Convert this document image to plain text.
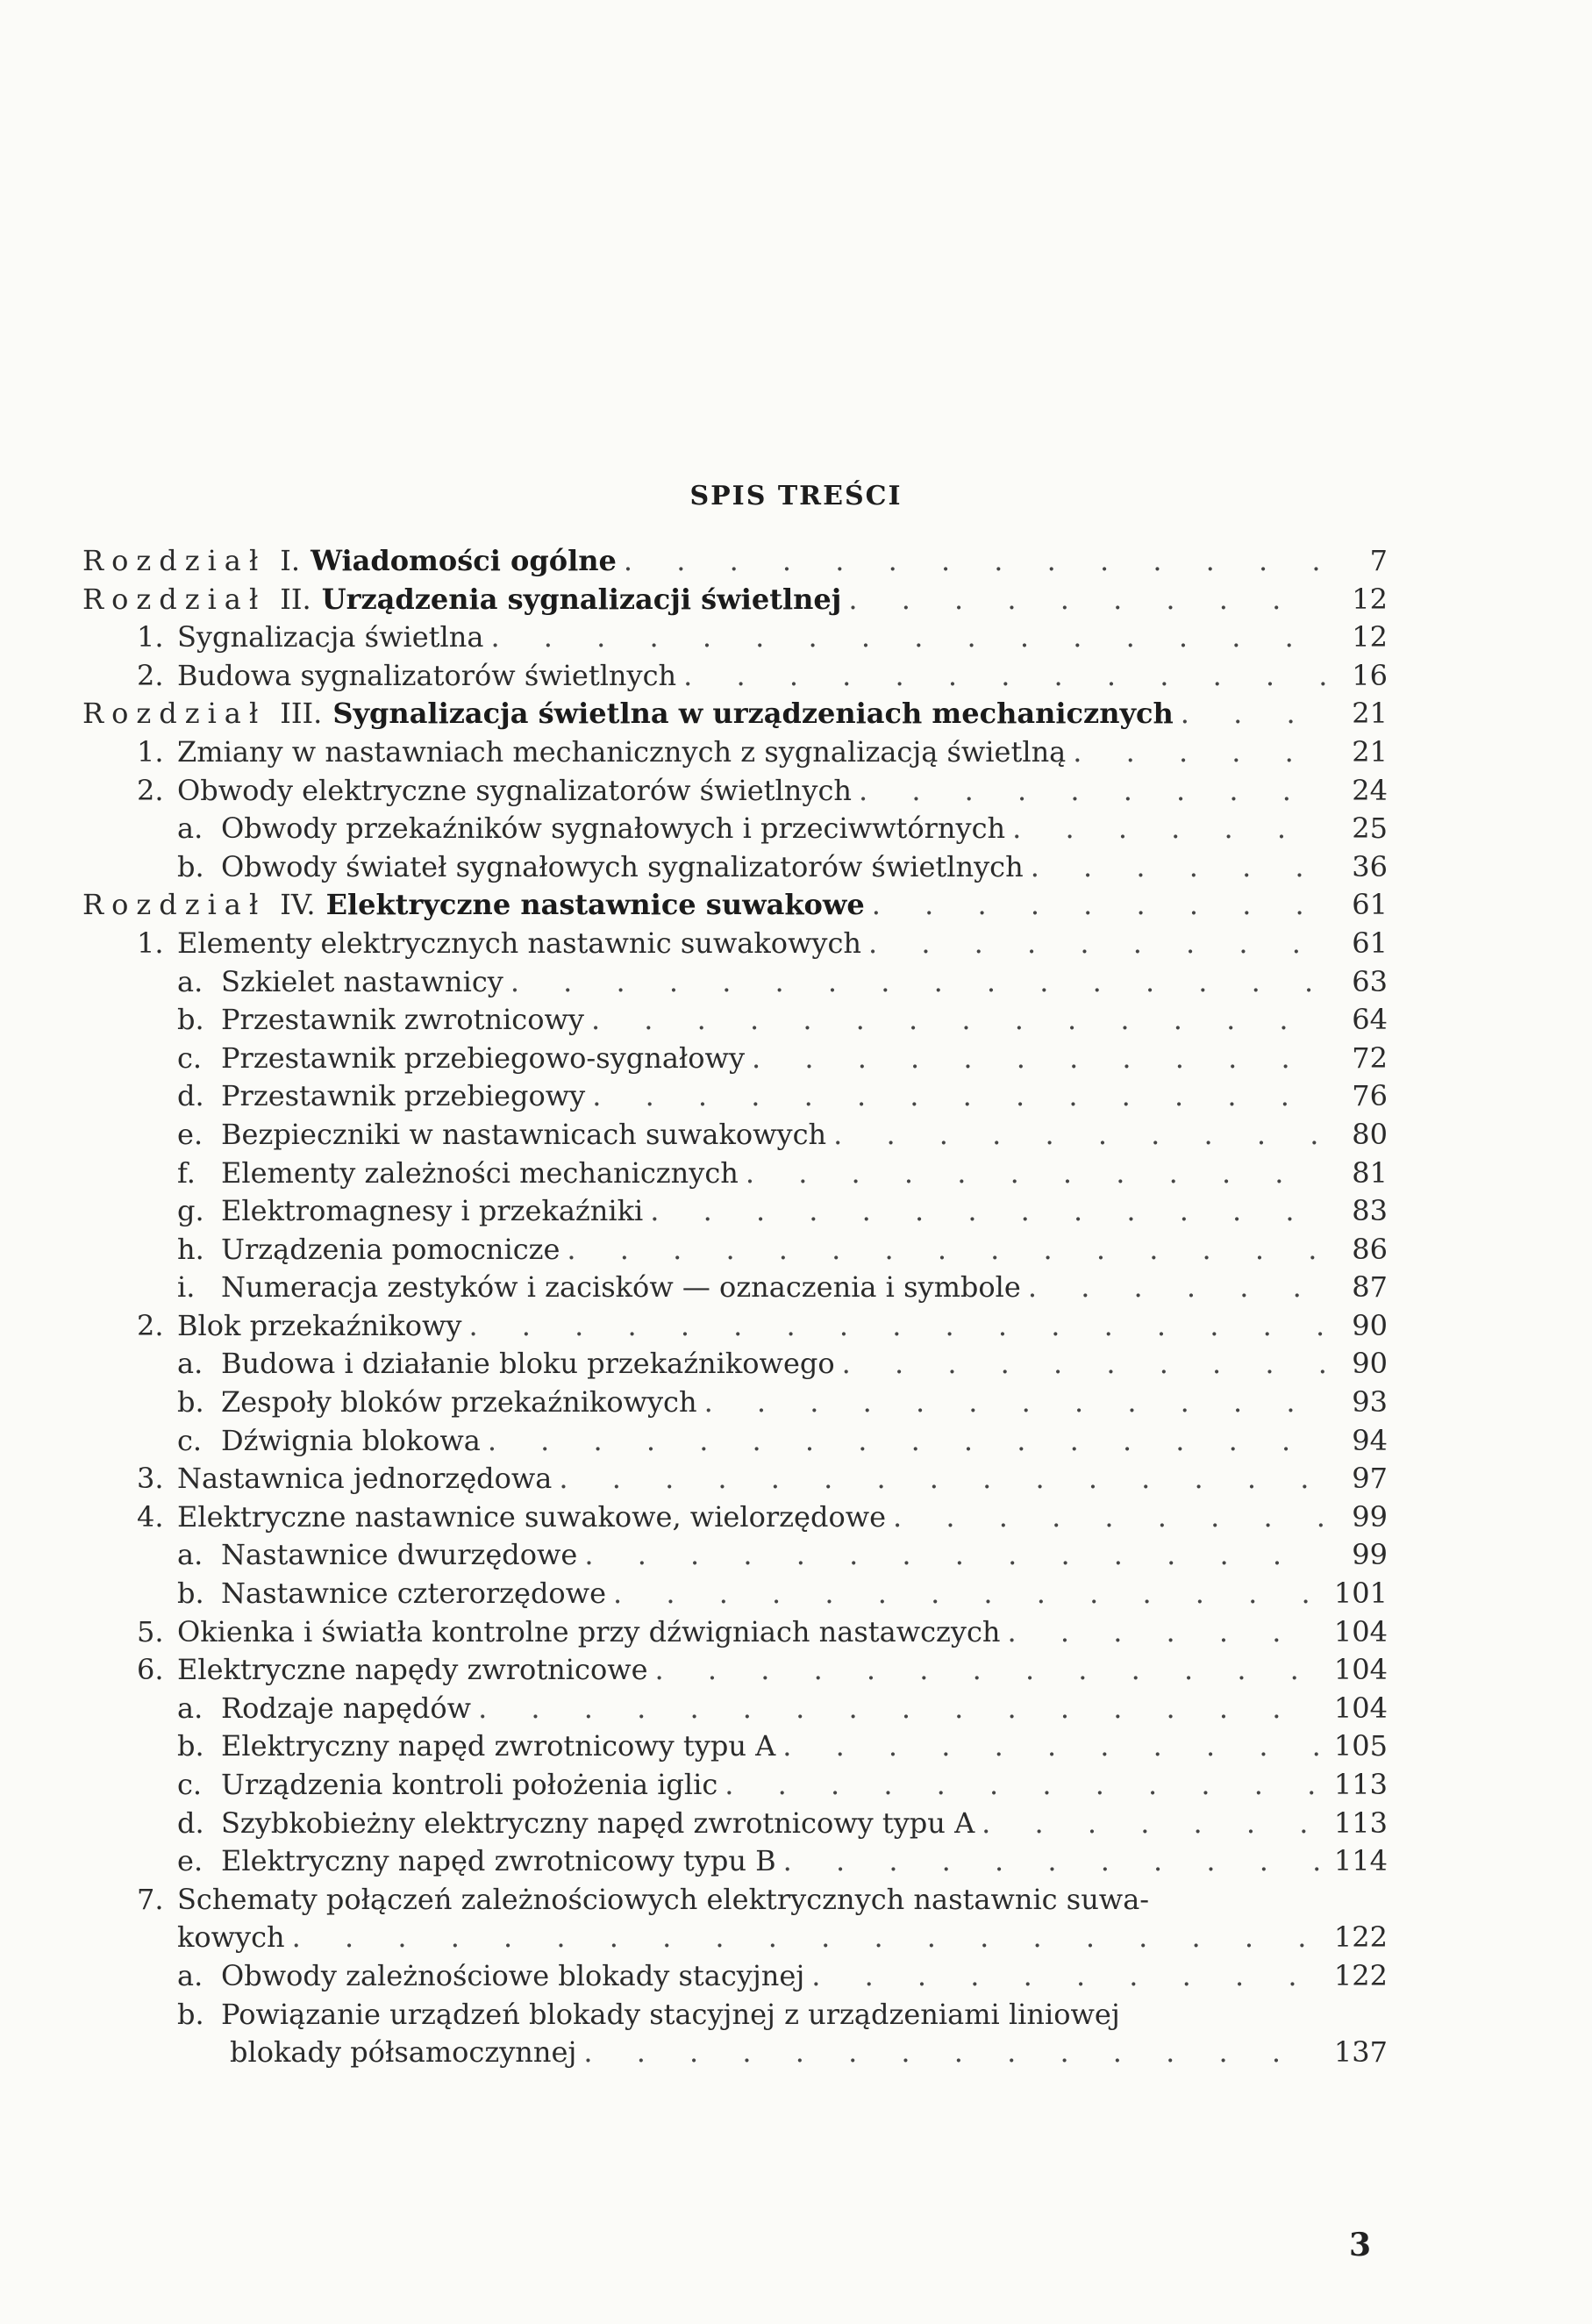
SPIS TREŚCI
Rozdział I. Wiadomości ogólne . . .	7
Rozdział II. Urządzenia sygnalizacji świetlnej . . .	12
1. Sygnalizacja świetlna . . .	12
2. Budowa sygnalizatorów świetlnych . . .	16
Rozdział III. Sygnalizacja świetlna w urządzeniach mechanicznych . . .	21
1. Zmiany w nastawniach mechanicznych z sygnalizacją świetlną . . .	21
2. Obwody elektryczne sygnalizatorów świetlnych . . .	24
a. Obwody przekaźników sygnałowych i przeciwwtórnych . . .	25
b. Obwody świateł sygnałowych sygnalizatorów świetlnych . . .	36
Rozdział IV. Elektryczne nastawnice suwakowe . . .	61
1. Elementy elektrycznych nastawnic suwakowych . . .	61
a. Szkielet nastawnicy . . .	63
b. Przestawnik zwrotnicowy . . .	64
c. Przestawnik przebiegowo-sygnałowy . . .	72
d. Przestawnik przebiegowy . . .	76
e. Bezpieczniki w nastawnicach suwakowych . . .	80
f. Elementy zależności mechanicznych . . .	81
g. Elektromagnesy i przekaźniki . . .	83
h. Urządzenia pomocnicze . . .	86
i. Numeracja zestyków i zacisków — oznaczenia i symbole . . .	87
2. Blok przekaźnikowy . . .	90
a. Budowa i działanie bloku przekaźnikowego . . .	90
b. Zespoły bloków przekaźnikowych . . .	93
c. Dźwignia blokowa . . .	94
3. Nastawnica jednorzędowa . . .	97
4. Elektryczne nastawnice suwakowe, wielorzędowe . . .	99
a. Nastawnice dwurzędowe . . .	99
b. Nastawnice czterorzędowe . . .	101
5. Okienka i światła kontrolne przy dźwigniach nastawczych . . .	104
6. Elektryczne napędy zwrotnicowe . . .	104
a. Rodzaje napędów . . .	104
b. Elektryczny napęd zwrotnicowy typu A . . .	105
c. Urządzenia kontroli położenia iglic . . .	113
d. Szybkobieżny elektryczny napęd zwrotnicowy typu A . . .	113
e. Elektryczny napęd zwrotnicowy typu B . . .	114
7. Schematy połączeń zależnościowych elektrycznych nastawnic suwa-
kowych . . .	122
a. Obwody zależnościowe blokady stacyjnej . . .	122
b. Powiązanie urządzeń blokady stacyjnej z urządzeniami liniowej
blokady półsamoczynnej . . .	137
3
